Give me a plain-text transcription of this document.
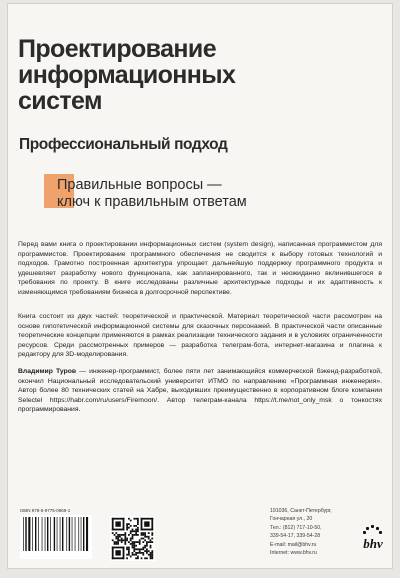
Проектирование
информационных
систем
Профессиональный подход
Правильные вопросы —
ключ к правильным ответам

Перед вами книга о проектировании информационных систем (system design), написанная программистом для программистов. Проектирование программного обеспечения не сводится к выбору готовых технологий и подходов. Грамотно построенная архитектура упрощает дальнейшую поддержку программного продукта и удешевляет разработку нового функционала, как запланированного, так и неожиданно вклинившегося в требования по проекту. В книге исследованы различные архитектурные подходы и их адаптивность к изменяющимся требованиям бизнеса в долгосрочной перспективе.

Книга состоит из двух частей: теоретической и практической. Материал теоретической части рассмотрен на основе гипотетической информационной системы для сказочных персонажей. В практической части описанные теоретические концепции применяются в рамках реализации технического задания и в условиях ограниченности ресурсов. Среди рассмотренных примеров — разработка телеграм-бота, интернет-магазина и плагина к редактору для 3D-моделирования.

Владимир Туров — инженер-программист, более пяти лет занимающийся коммерческой бэкенд-разработкой, окончил Национальный исследовательский университет ИТМО по направлению «Программная инженерия». Автор более 80 технических статей на Хабре, выходивших преимущественно в корпоративном блоге компании Selectel https://habr.com/ru/users/Firemoon/. Автор телеграм-канала https://t.me/not_only_msk о тонкостях программирования.
ISBN 978-5-9775-0969-1	191036, Санкт-Петербург,
Гончарная ул., 20
Тел.: (812) 717-10-50,
339-54-17, 339-54-28
E-mail: mail@bhv.ru
Internet: www.bhv.ru
bhv
